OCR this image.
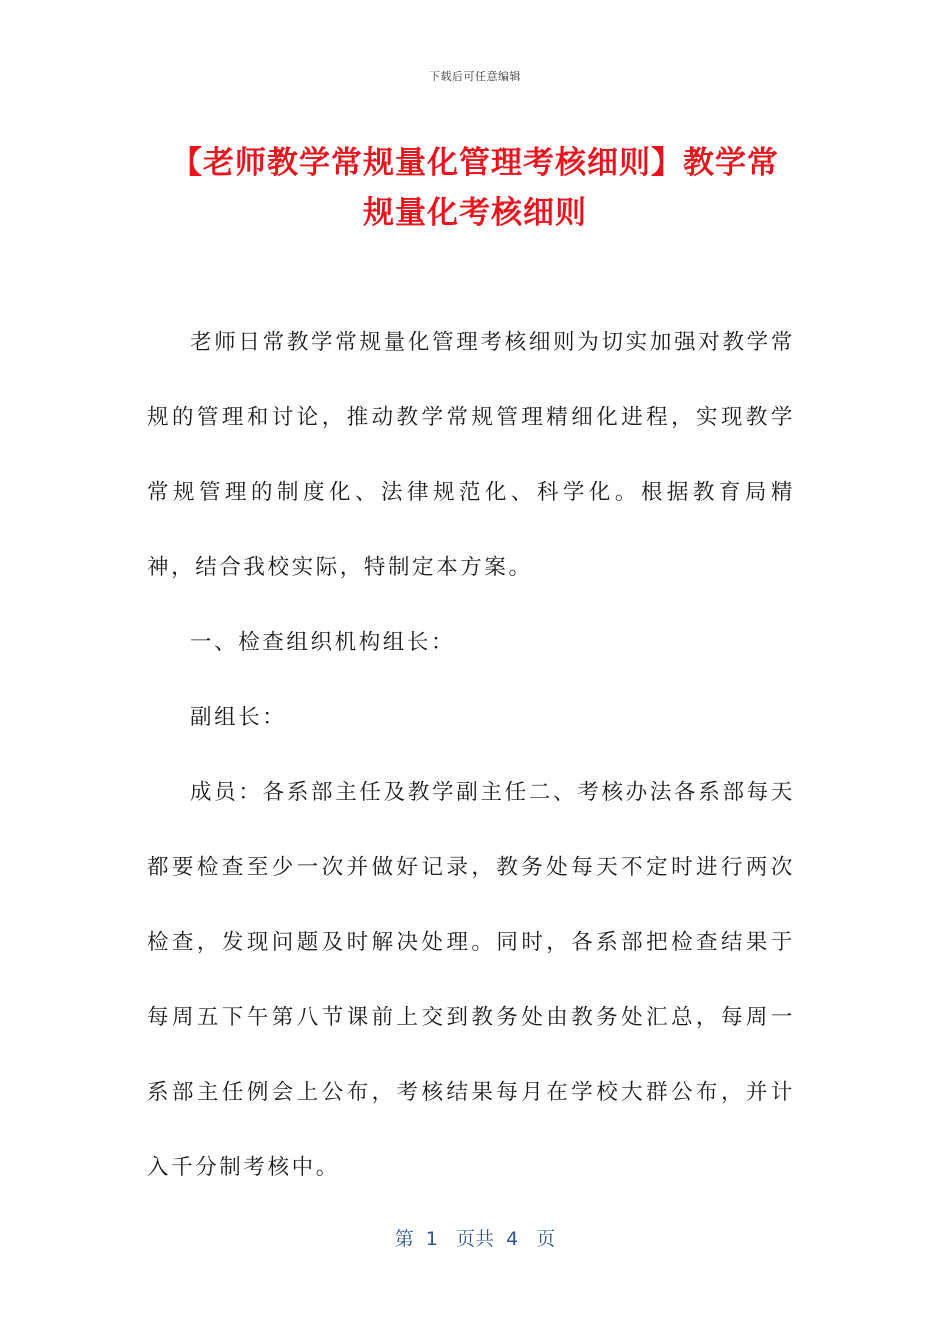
下载后可任意编辑
【老师教学常规量化管理考核细则】教学常
规量化考核细则

老师日常教学常规量化管理考核细则为切实加强对教学常规的管理和讨论，推动教学常规管理精细化进程，实现教学常规管理的制度化、法律规范化、科学化。根据教育局精神，结合我校实际，特制定本方案。

一、检查组织机构组长：

副组长：

成员：各系部主任及教学副主任二、考核办法各系部每天都要检查至少一次并做好记录，教务处每天不定时进行两次检查，发现问题及时解决处理。同时，各系部把检查结果于每周五下午第八节课前上交到教务处由教务处汇总，每周一系部主任例会上公布，考核结果每月在学校大群公布，并计入千分制考核中。

第  1   页共  4   页
